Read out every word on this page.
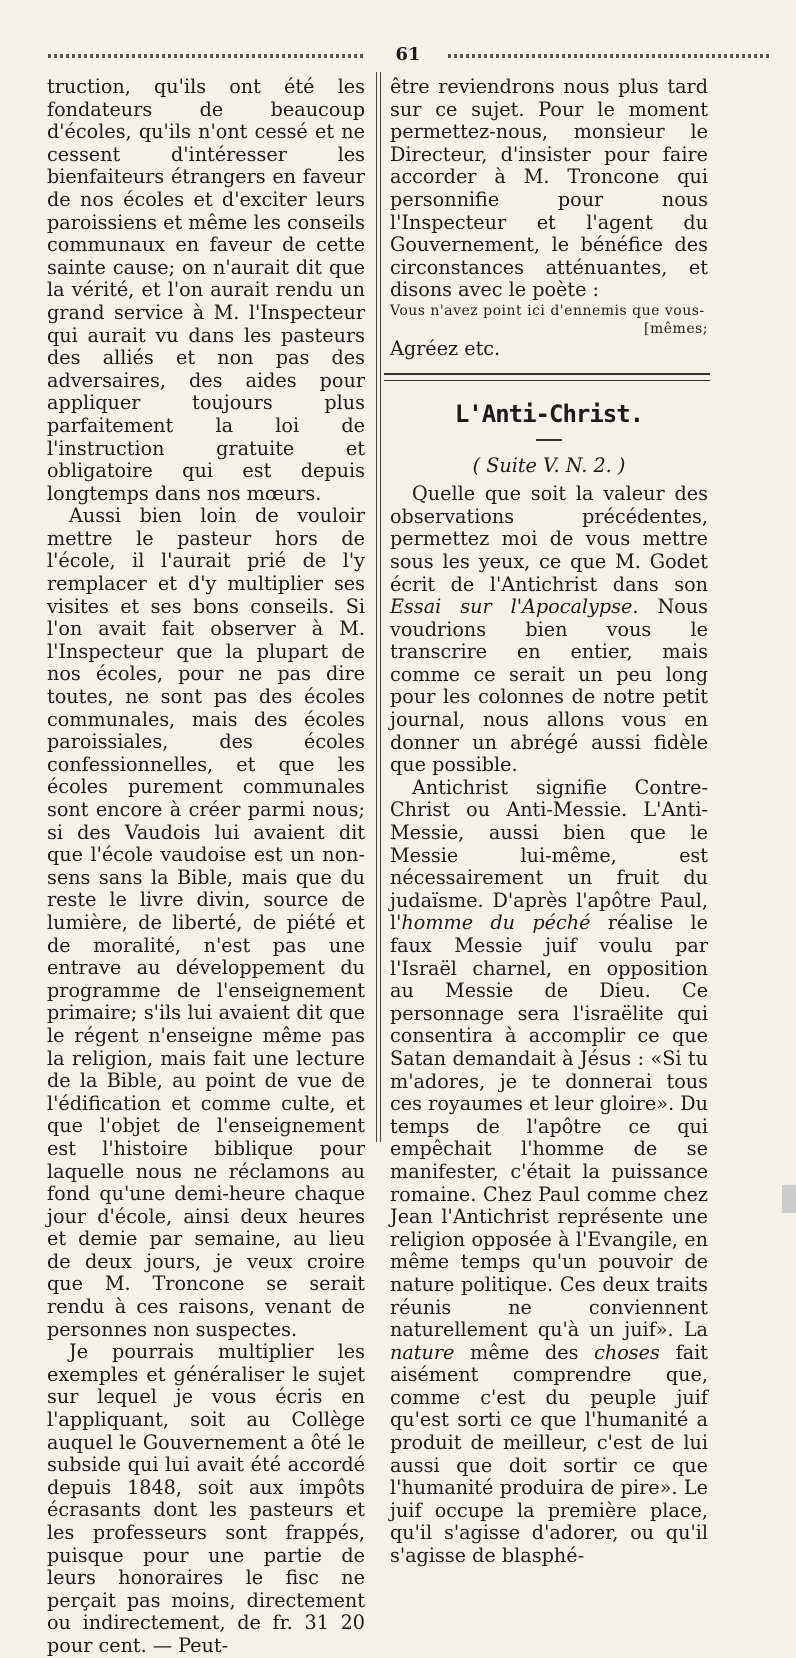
61

truction, qu'ils ont été les fondateurs de beaucoup d'écoles, qu'ils n'ont cessé et ne cessent d'intéresser les bienfaiteurs étrangers en faveur de nos écoles et d'exciter leurs paroissiens et même les conseils communaux en faveur de cette sainte cause; on n'aurait dit que la vérité, et l'on aurait rendu un grand service à M. l'Inspecteur qui aurait vu dans les pasteurs des alliés et non pas des adversaires, des aides pour appliquer toujours plus parfaitement la loi de l'instruction gratuite et obligatoire qui est depuis longtemps dans nos mœurs.

Aussi bien loin de vouloir mettre le pasteur hors de l'école, il l'aurait prié de l'y remplacer et d'y multiplier ses visites et ses bons conseils. Si l'on avait fait observer à M. l'Inspecteur que la plupart de nos écoles, pour ne pas dire toutes, ne sont pas des écoles communales, mais des écoles paroissiales, des écoles confessionnelles, et que les écoles purement communales sont encore à créer parmi nous; si des Vaudois lui avaient dit que l'école vaudoise est un non-sens sans la Bible, mais que du reste le livre divin, source de lumière, de liberté, de piété et de moralité, n'est pas une entrave au développement du programme de l'enseignement primaire; s'ils lui avaient dit que le régent n'enseigne même pas la religion, mais fait une lecture de la Bible, au point de vue de l'édification et comme culte, et que l'objet de l'enseignement est l'histoire biblique pour laquelle nous ne réclamons au fond qu'une demi-heure chaque jour d'école, ainsi deux heures et demie par semaine, au lieu de deux jours, je veux croire que M. Troncone se serait rendu à ces raisons, venant de personnes non suspectes.

Je pourrais multiplier les exemples et généraliser le sujet sur lequel je vous écris en l'appliquant, soit au Collège auquel le Gouvernement a ôté le subside qui lui avait été accordé depuis 1848, soit aux impôts écrasants dont les pasteurs et les professeurs sont frappés, puisque pour une partie de leurs honoraires le fisc ne perçait pas moins, directement ou indirectement, de fr. 31 20 pour cent. — Peut-

être reviendrons nous plus tard sur ce sujet. Pour le moment permettez-nous, monsieur le Directeur, d'insister pour faire accorder à M. Troncone qui personnifie pour nous l'Inspecteur et l'agent du Gouvernement, le bénéfice des circonstances atténuantes, et disons avec le poète :

Vous n'avez point ici d'ennemis que vous-
[mêmes;

Agréez etc.

L'Anti-Christ.
( Suite V. N. 2. )

Quelle que soit la valeur des observations précédentes, permettez moi de vous mettre sous les yeux, ce que M. Godet écrit de l'Antichrist dans son Essai sur l'Apocalypse. Nous voudrions bien vous le transcrire en entier, mais comme ce serait un peu long pour les colonnes de notre petit journal, nous allons vous en donner un abrégé aussi fidèle que possible.

Antichrist signifie Contre-Christ ou Anti-Messie. L'Anti-Messie, aussi bien que le Messie lui-même, est nécessairement un fruit du judaïsme. D'après l'apôtre Paul, l'homme du péché réalise le faux Messie juif voulu par l'Israël charnel, en opposition au Messie de Dieu. Ce personnage sera l'israëlite qui consentira à accomplir ce que Satan demandait à Jésus : «Si tu m'adores, je te donnerai tous ces royaumes et leur gloire». Du temps de l'apôtre ce qui empêchait l'homme de se manifester, c'était la puissance romaine. Chez Paul comme chez Jean l'Antichrist représente une religion opposée à l'Evangile, en même temps qu'un pouvoir de nature politique. Ces deux traits réunis ne conviennent naturellement qu'à un juif». La nature même des choses fait aisément comprendre que, comme c'est du peuple juif qu'est sorti ce que l'humanité a produit de meilleur, c'est de lui aussi que doit sortir ce que l'humanité produira de pire». Le juif occupe la première place, qu'il s'agisse d'adorer, ou qu'il s'agisse de blasphé-
